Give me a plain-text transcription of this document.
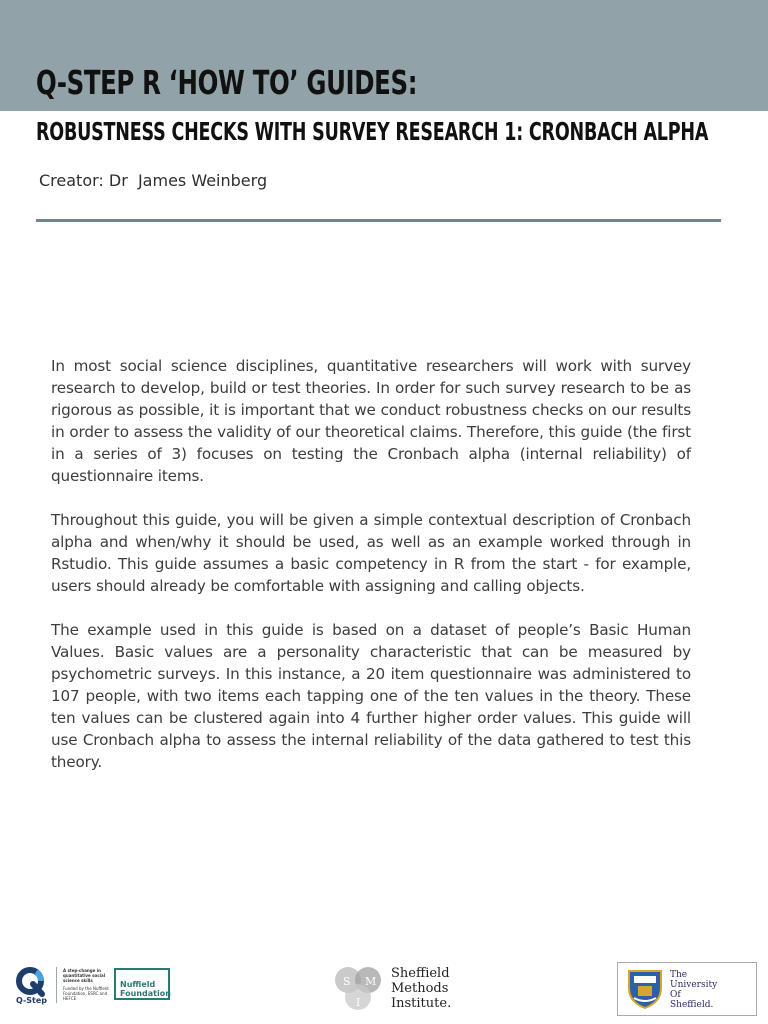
Q-STEP R ‘HOW TO’ GUIDES:
ROBUSTNESS CHECKS WITH SURVEY RESEARCH 1: CRONBACH ALPHA
Creator: Dr  James Weinberg

In most social science disciplines, quantitative researchers will work with survey research to develop, build or test theories. In order for such survey research to be as rigorous as possible, it is important that we conduct robustness checks on our results in order to assess the validity of our theoretical claims. Therefore, this guide (the first in a series of 3) focuses on testing the Cronbach alpha (internal reliability) of questionnaire items.

Throughout this guide, you will be given a simple contextual description of Cronbach alpha and when/why it should be used, as well as an example worked through in Rstudio. This guide assumes a basic competency in R from the start - for example, users should already be comfortable with assigning and calling objects.

The example used in this guide is based on a dataset of people’s Basic Human Values. Basic values are a personality characteristic that can be measured by psychometric surveys. In this instance, a 20 item questionnaire was administered to 107 people, with two items each tapping one of the ten values in the theory. These ten values can be clustered again into 4 further higher order values. This guide will use Cronbach alpha to assess the internal reliability of the data gathered to test this theory.

Q-Step
A step-change in quantitative social science skills
Funded by the Nuffield Foundation, ESRC and HEFCE
Nuffield
Foundation
S M
I
Sheffield
Methods
Institute.
The
University
Of
Sheffield.
